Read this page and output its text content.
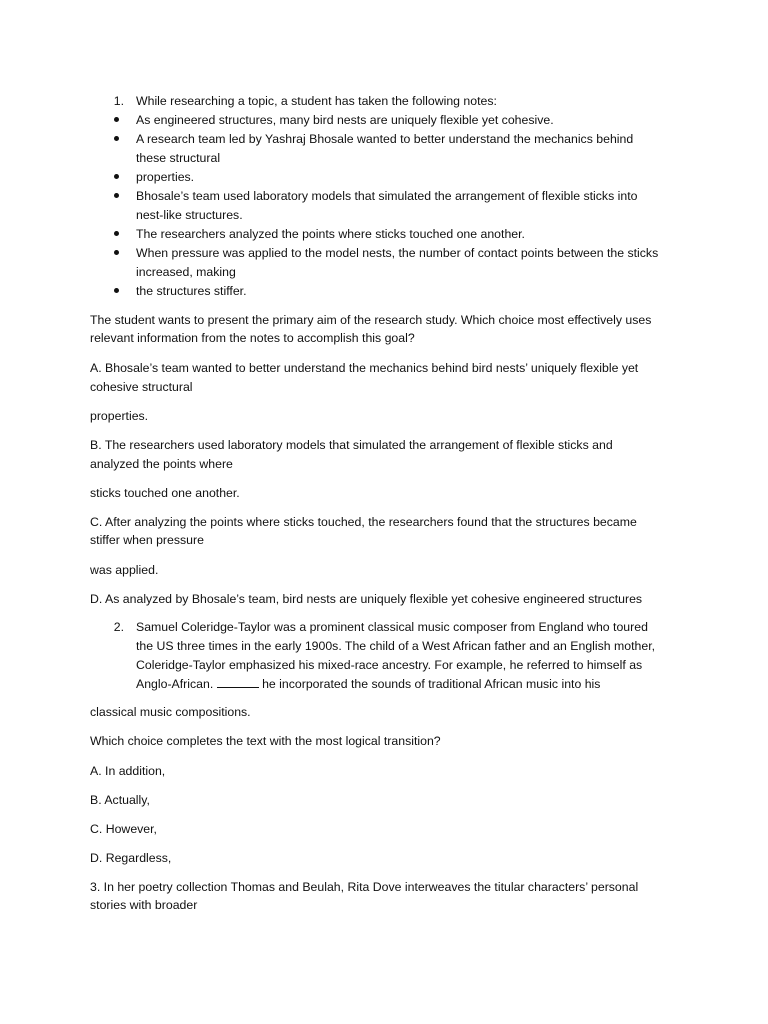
1. While researching a topic, a student has taken the following notes:
As engineered structures, many bird nests are uniquely flexible yet cohesive.
A research team led by Yashraj Bhosale wanted to better understand the mechanics behind
these structural
properties.
Bhosale’s team used laboratory models that simulated the arrangement of flexible sticks into
nest-like structures.
The researchers analyzed the points where sticks touched one another.
When pressure was applied to the model nests, the number of contact points between the sticks
increased, making
the structures stiffer.
The student wants to present the primary aim of the research study. Which choice most effectively uses
relevant information from the notes to accomplish this goal?
A. Bhosale’s team wanted to better understand the mechanics behind bird nests’ uniquely flexible yet
cohesive structural
properties.
B. The researchers used laboratory models that simulated the arrangement of flexible sticks and
analyzed the points where
sticks touched one another.
C. After analyzing the points where sticks touched, the researchers found that the structures became
stiffer when pressure
was applied.
D. As analyzed by Bhosale’s team, bird nests are uniquely flexible yet cohesive engineered structures
2. Samuel Coleridge-Taylor was a prominent classical music composer from England who toured
the US three times in the early 1900s. The child of a West African father and an English mother,
Coleridge-Taylor emphasized his mixed-race ancestry. For example, he referred to himself as
Anglo-African.	he incorporated the sounds of traditional African music into his
classical music compositions.
Which choice completes the text with the most logical transition?
A. In addition,
B. Actually,
C. However,
D. Regardless,
3. In her poetry collection Thomas and Beulah, Rita Dove interweaves the titular characters’ personal
stories with broader
